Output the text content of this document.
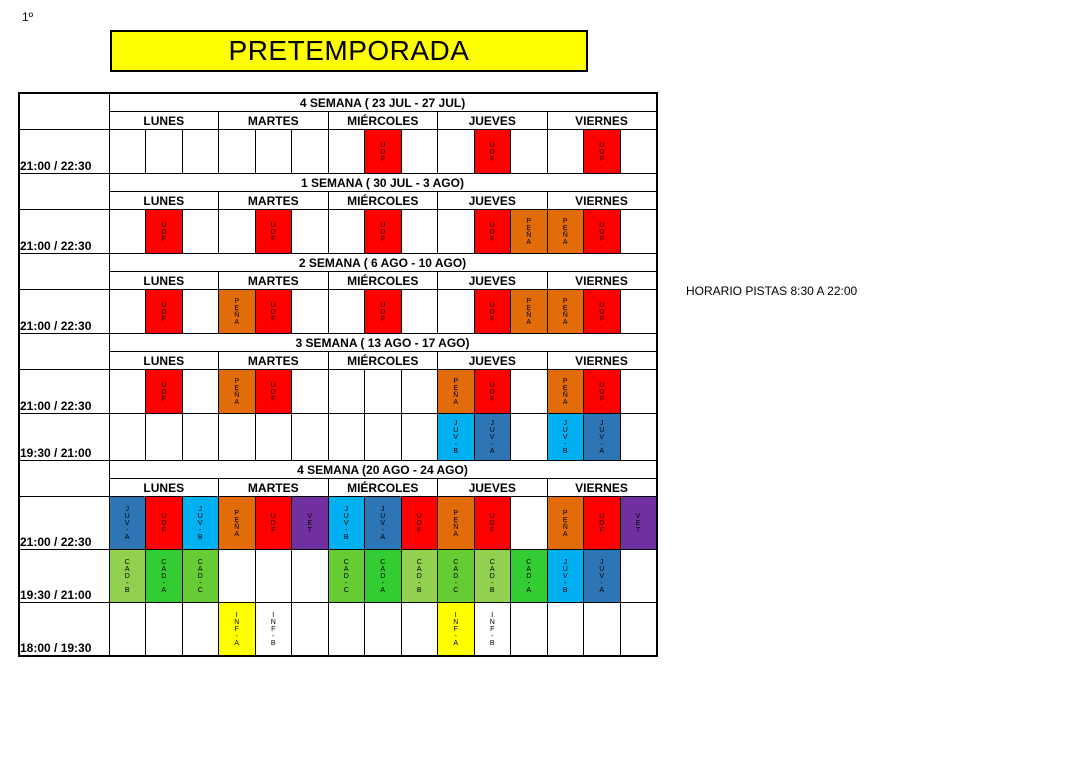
1º
PRETEMPORADA
HORARIO PISTAS 8:30 A 22:00
	4 SEMANA ( 23 JUL - 27 JUL)														
	LUNES			MARTES			MIÉRCOLES			JUEVES			VIERNES		
21:00 / 22:30								U
D
F			U
D
F			U
D
F	

	1 SEMANA ( 30 JUL - 3 AGO)														
	LUNES			MARTES			MIÉRCOLES			JUEVES			VIERNES		
21:00 / 22:30		U
D
F			U
D
F			U
D
F			U
D
F	P
E
Ñ
A	P
E
Ñ
A	U
D
F	

	2 SEMANA ( 6 AGO - 10 AGO)														
	LUNES			MARTES			MIÉRCOLES			JUEVES			VIERNES		
21:00 / 22:30		U
D
F		P
E
Ñ
A	U
D
F			U
D
F			U
D
F	P
E
Ñ
A	P
E
Ñ
A	U
D
F	

	3 SEMANA ( 13 AGO - 17 AGO)														
	LUNES			MARTES			MIÉRCOLES			JUEVES			VIERNES		
21:00 / 22:30		U
D
F		P
E
Ñ
A	U
D
F					P
E
Ñ
A	U
D
F		P
E
Ñ
A	U
D
F	

19:30 / 21:00										J
U
V
-
B	J
U
V
-
A		J
U
V
-
B	J
U
V
-
A	

	4 SEMANA (20 AGO - 24 AGO)														
	LUNES			MARTES			MIÉRCOLES			JUEVES			VIERNES		
21:00 / 22:30	J
U
V
-
A	U
D
F	J
U
V
-
B	P
E
Ñ
A	U
D
F	V
E
T	J
U
V
-
B	J
U
V
-
A	U
D
F	P
E
Ñ
A	U
D
F		P
E
Ñ
A	U
D
F	V
E
T

19:30 / 21:00	C
A
D
-
B	C
A
D
-
A	C
A
D
-
C				C
A
D
-
C	C
A
D
-
A	C
A
D
-
B	C
A
D
-
C	C
A
D
-
B	C
A
D
-
A	J
U
V
-
B	J
U
V
-
A	

18:00 / 19:30				I
N
F
-
A	I
N
F
-
B					I
N
F
-
A	I
N
F
-
B				
